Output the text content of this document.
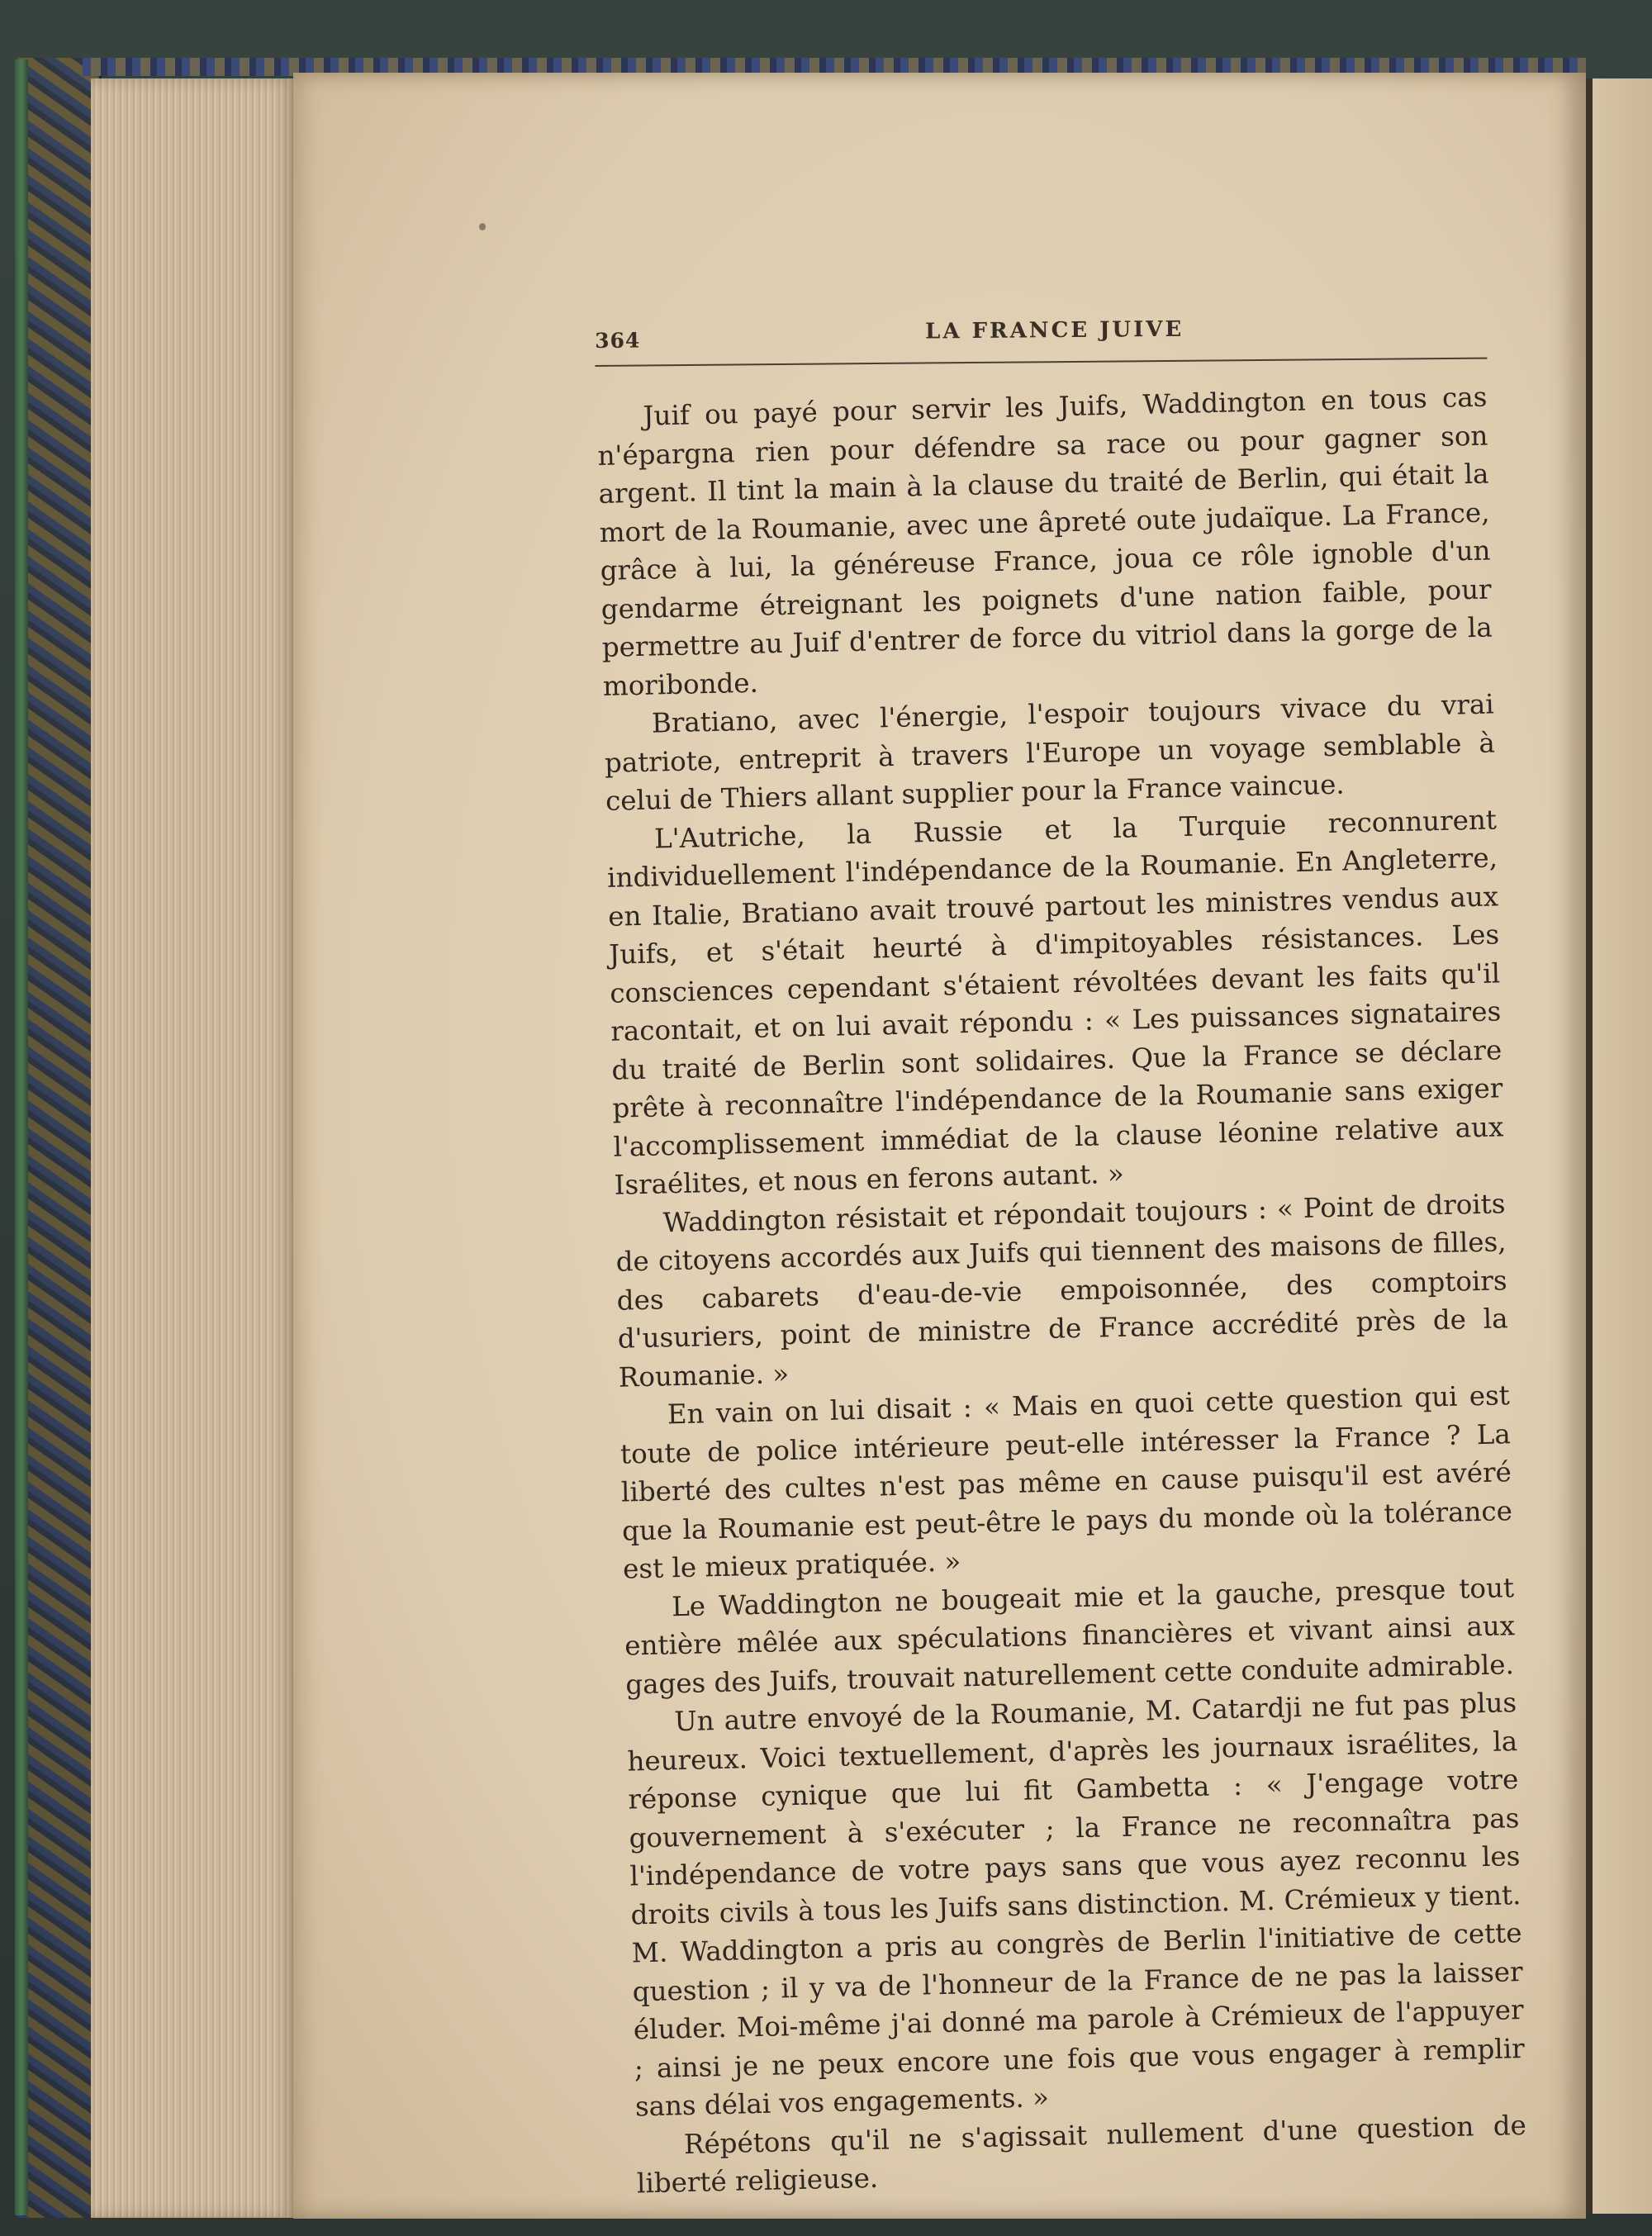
364	LA FRANCE JUIVE

Juif ou payé pour servir les Juifs, Waddington en tous cas n'épargna rien pour défendre sa race ou pour gagner son argent. Il tint la main à la clause du traité de Berlin, qui était la mort de la Roumanie, avec une âpreté oute judaïque. La France, grâce à lui, la généreuse France, joua ce rôle ignoble d'un gendarme étreignant les poignets d'une nation faible, pour permettre au Juif d'entrer de force du vitriol dans la gorge de la moribonde.

Bratiano, avec l'énergie, l'espoir toujours vivace du vrai patriote, entreprit à travers l'Europe un voyage semblable à celui de Thiers allant supplier pour la France vaincue.

L'Autriche, la Russie et la Turquie reconnurent individuellement l'indépendance de la Roumanie. En Angleterre, en Italie, Bratiano avait trouvé partout les ministres vendus aux Juifs, et s'était heurté à d'impitoyables résistances. Les consciences cependant s'étaient révoltées devant les faits qu'il racontait, et on lui avait répondu : « Les puissances signataires du traité de Berlin sont solidaires. Que la France se déclare prête à reconnaître l'indépendance de la Roumanie sans exiger l'accomplissement immédiat de la clause léonine relative aux Israélites, et nous en ferons autant. »

Waddington résistait et répondait toujours : « Point de droits de citoyens accordés aux Juifs qui tiennent des maisons de filles, des cabarets d'eau-de-vie empoisonnée, des comptoirs d'usuriers, point de ministre de France accrédité près de la Roumanie. »

En vain on lui disait : « Mais en quoi cette question qui est toute de police intérieure peut-elle intéresser la France ? La liberté des cultes n'est pas même en cause puisqu'il est avéré que la Roumanie est peut-être le pays du monde où la tolérance est le mieux pratiquée. »

Le Waddington ne bougeait mie et la gauche, presque tout entière mêlée aux spéculations financières et vivant ainsi aux gages des Juifs, trouvait naturellement cette conduite admirable.

Un autre envoyé de la Roumanie, M. Catardji ne fut pas plus heureux. Voici textuellement, d'après les journaux israélites, la réponse cynique que lui fit Gambetta : « J'engage votre gouvernement à s'exécuter ; la France ne reconnaîtra pas l'indépendance de votre pays sans que vous ayez reconnu les droits civils à tous les Juifs sans distinction. M. Crémieux y tient. M. Waddington a pris au congrès de Berlin l'initiative de cette question ; il y va de l'honneur de la France de ne pas la laisser éluder. Moi-même j'ai donné ma parole à Crémieux de l'appuyer ; ainsi je ne peux encore une fois que vous engager à remplir sans délai vos engagements. »

Répétons qu'il ne s'agissait nullement d'une question de liberté religieuse.
